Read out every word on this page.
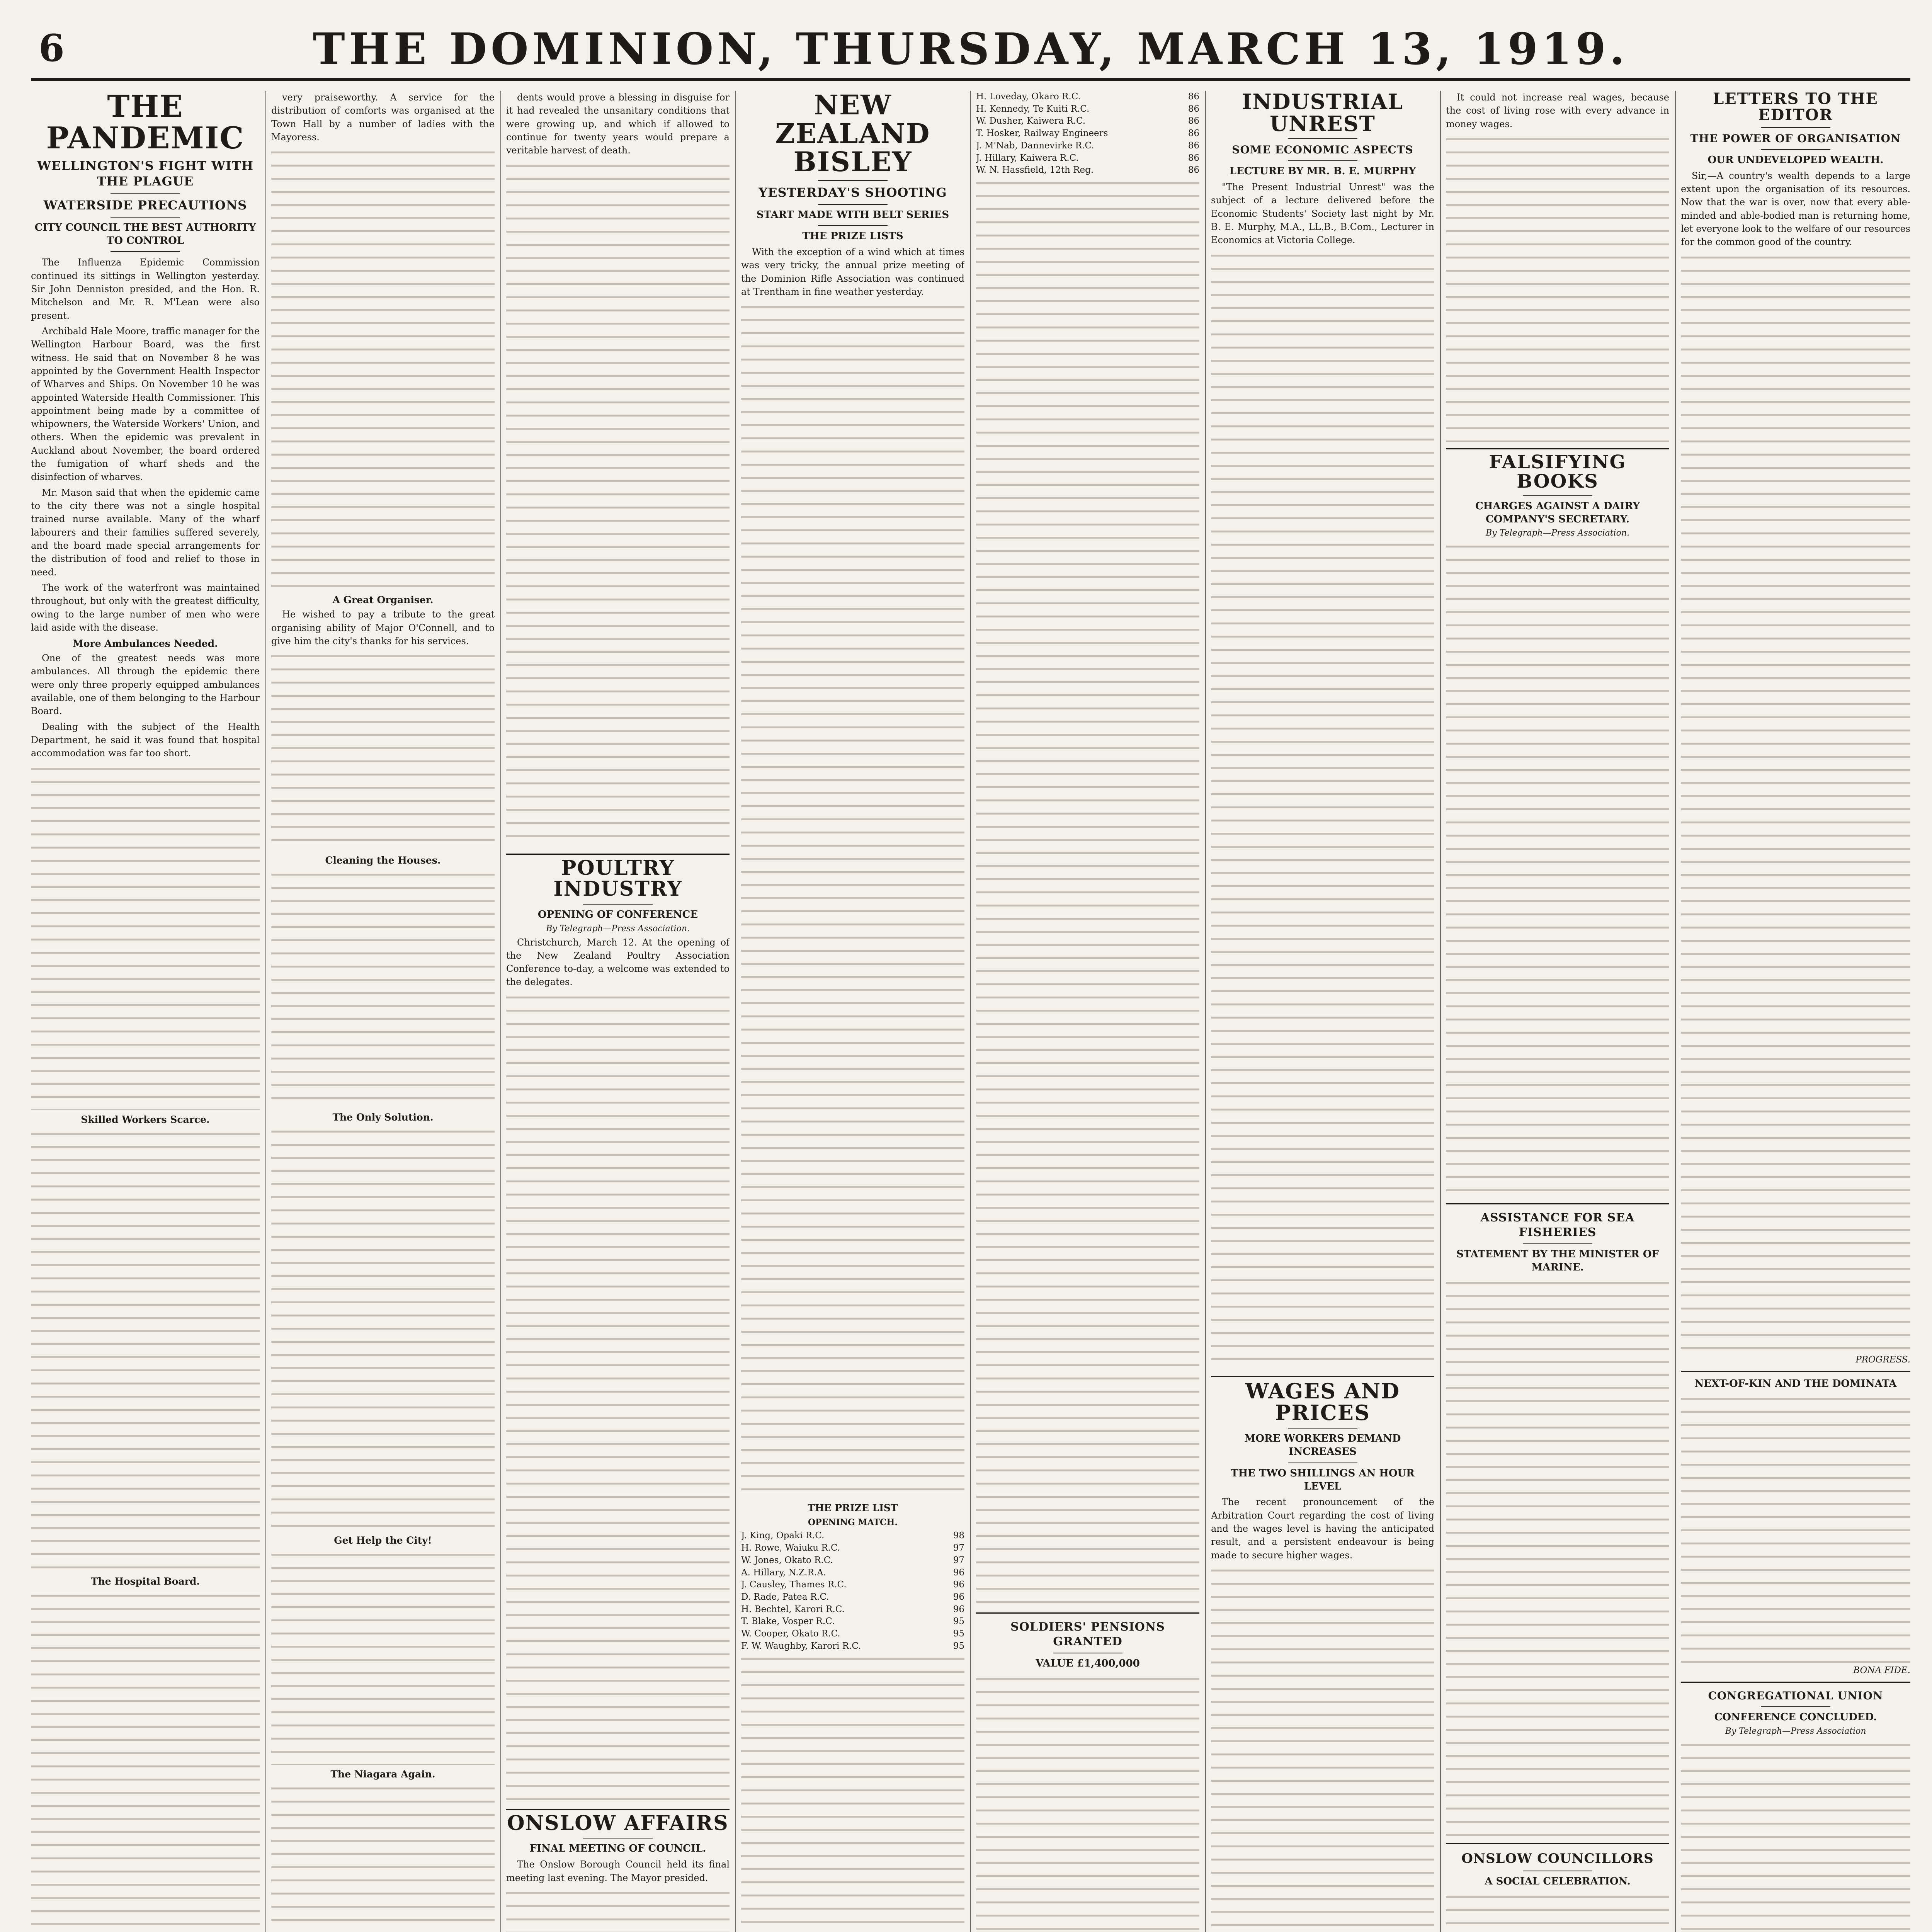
6	THE DOMINION, THURSDAY, MARCH 13, 1919.
THE PANDEMIC
WELLINGTON'S FIGHT WITH THE PLAGUE
WATERSIDE PRECAUTIONS
CITY COUNCIL THE BEST AUTHORITY TO CONTROL

The Influenza Epidemic Commission continued its sittings in Wellington yesterday. Sir John Denniston presided, and the Hon. R. Mitchelson and Mr. R. M'Lean were also present.

Archibald Hale Moore, traffic manager for the Wellington Harbour Board, was the first witness. He said that on November 8 he was appointed by the Government Health Inspector of Wharves and Ships. On November 10 he was appointed Waterside Health Commissioner. This appointment being made by a committee of whipowners, the Waterside Workers' Union, and others. When the epidemic was prevalent in Auckland about November, the board ordered the fumigation of wharf sheds and the disinfection of wharves.

Mr. Mason said that when the epidemic came to the city there was not a single hospital trained nurse available. Many of the wharf labourers and their families suffered severely, and the board made special arrangements for the distribution of food and relief to those in need.

The work of the waterfront was maintained throughout, but only with the greatest difficulty, owing to the large number of men who were laid aside with the disease.

More Ambulances Needed.

One of the greatest needs was more ambulances. All through the epidemic there were only three properly equipped ambulances available, one of them belonging to the Harbour Board.

Dealing with the subject of the Health Department, he said it was found that hospital accommodation was far too short.

Skilled Workers Scarce.
The Hospital Board.

very praiseworthy. A service for the distribution of comforts was organised at the Town Hall by a number of ladies with the Mayoress.

A Great Organiser.

He wished to pay a tribute to the great organising ability of Major O'Connell, and to give him the city's thanks for his services.

Cleaning the Houses.
The Only Solution.
Get Help the City!
The Niagara Again.

dents would prove a blessing in disguise for it had revealed the unsanitary conditions that were growing up, and which if allowed to continue for twenty years would prepare a veritable harvest of death.

POULTRY INDUSTRY
OPENING OF CONFERENCE
By Telegraph—Press Association.

Christchurch, March 12. At the opening of the New Zealand Poultry Association Conference to-day, a welcome was extended to the delegates.

ONSLOW AFFAIRS
FINAL MEETING OF COUNCIL.

The Onslow Borough Council held its final meeting last evening. The Mayor presided.

NEW ZEALAND BISLEY
YESTERDAY'S SHOOTING
START MADE WITH BELT SERIES
THE PRIZE LISTS

With the exception of a wind which at times was very tricky, the annual prize meeting of the Dominion Rifle Association was continued at Trentham in fine weather yesterday.

THE PRIZE LIST
OPENING MATCH.
J. King, Opaki R.C.	98
H. Rowe, Waiuku R.C.	97
W. Jones, Okato R.C.	97
A. Hillary, N.Z.R.A.	96
J. Causley, Thames R.C.	96
D. Rade, Patea R.C.	96
H. Bechtel, Karori R.C.	96
T. Blake, Vosper R.C.	95
W. Cooper, Okato R.C.	95
F. W. Waughby, Karori R.C.	95
H. Loveday, Okaro R.C.	86
H. Kennedy, Te Kuiti R.C.	86
W. Dusher, Kaiwera R.C.	86
T. Hosker, Railway Engineers	86
J. M'Nab, Dannevirke R.C.	86
J. Hillary, Kaiwera R.C.	86
W. N. Hassfield, 12th Reg.	86
SOLDIERS' PENSIONS GRANTED
VALUE £1,400,000
INDUSTRIAL UNREST
SOME ECONOMIC ASPECTS
LECTURE BY MR. B. E. MURPHY

"The Present Industrial Unrest" was the subject of a lecture delivered before the Economic Students' Society last night by Mr. B. E. Murphy, M.A., LL.B., B.Com., Lecturer in Economics at Victoria College.

WAGES AND PRICES
MORE WORKERS DEMAND INCREASES
THE TWO SHILLINGS AN HOUR LEVEL

The recent pronouncement of the Arbitration Court regarding the cost of living and the wages level is having the anticipated result, and a persistent endeavour is being made to secure higher wages.

It could not increase real wages, because the cost of living rose with every advance in money wages.

FALSIFYING BOOKS
CHARGES AGAINST A DAIRY COMPANY'S SECRETARY.
By Telegraph—Press Association.
ASSISTANCE FOR SEA FISHERIES
STATEMENT BY THE MINISTER OF MARINE.
ONSLOW COUNCILLORS
A SOCIAL CELEBRATION.

LETTERS TO THE EDITOR
THE POWER OF ORGANISATION
OUR UNDEVELOPED WEALTH.

Sir,—A country's wealth depends to a large extent upon the organisation of its resources. Now that the war is over, now that every able-minded and able-bodied man is returning home, let everyone look to the welfare of our resources for the common good of the country.

PROGRESS.
NEXT-OF-KIN AND THE DOMINATA
BONA FIDE.
CONGREGATIONAL UNION
CONFERENCE CONCLUDED.
By Telegraph—Press Association
